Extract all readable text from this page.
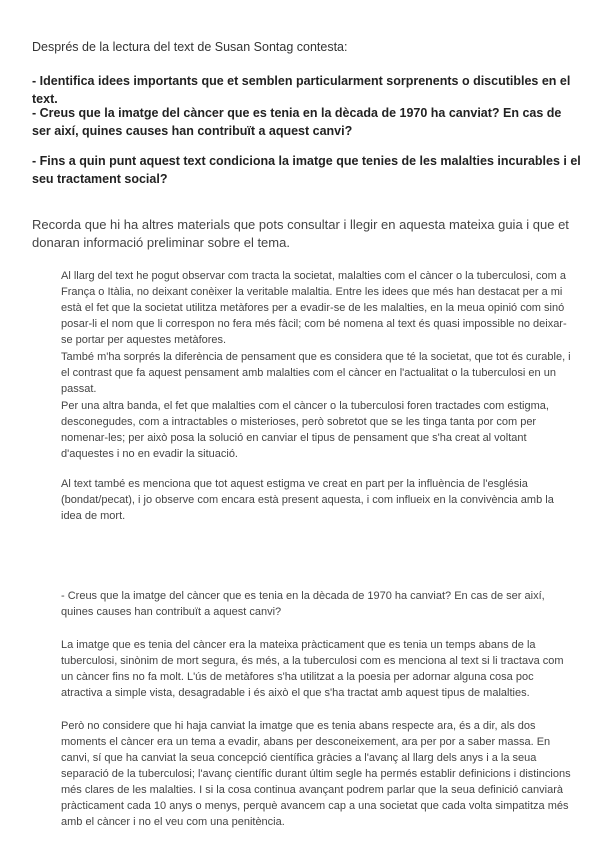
Després de la lectura del text de Susan Sontag contesta:
- Identifica idees importants que et semblen particularment sorprenents o discutibles en el text.
- Creus que la imatge del càncer que es tenia en la dècada de 1970 ha canviat? En cas de ser així, quines causes han contribuït a aquest canvi?
- Fins a quin punt aquest text condiciona la imatge que tenies de les malalties incurables i el seu tractament social?
Recorda que hi ha altres materials que pots consultar i llegir en aquesta mateixa guia i que et donaran informació preliminar sobre el tema.

Al llarg del text he pogut observar com tracta la societat, malalties com el càncer o la tuberculosi, com a França o Itàlia, no deixant conèixer la veritable malaltia. Entre les idees que més han destacat per a mi està el fet que la societat utilitza metàfores per a evadir-se de les malalties, en la meua opinió com sinó posar-li el nom que li correspon no fera més fàcil; com bé nomena al text és quasi impossible no deixar-se portar per aquestes metàfores.

També m'ha sorprés la diferència de pensament que es considera que té la societat, que tot és curable, i el contrast que fa aquest pensament amb malalties com el càncer en l'actualitat o la tuberculosi en un passat.

Per una altra banda, el fet que malalties com el càncer o la tuberculosi foren tractades com estigma, desconegudes, com a intractables o misterioses, però sobretot que se les tinga tanta por com per nomenar-les; per això posa la solució en canviar el tipus de pensament que s'ha creat al voltant d'aquestes i no en evadir la situació.

Al text també es menciona que tot aquest estigma ve creat en part per la influència de l'església (bondat/pecat), i jo observe com encara està present aquesta, i com influeix en la convivència amb la idea de mort.

- Creus que la imatge del càncer que es tenia en la dècada de 1970 ha canviat? En cas de ser així, quines causes han contribuït a aquest canvi?

La imatge que es tenia del càncer era la mateixa pràcticament que es tenia un temps abans de la tuberculosi, sinònim de mort segura, és més, a la tuberculosi com es menciona al text si li tractava com un càncer fins no fa molt. L'ús de metàfores s'ha utilitzat a la poesia per adornar alguna cosa poc atractiva a simple vista, desagradable i és això el que s'ha tractat amb aquest tipus de malalties.

Però no considere que hi haja canviat la imatge que es tenia abans respecte ara, és a dir, als dos moments el càncer era un tema a evadir, abans per desconeixement, ara per por a saber massa. En canvi, sí que ha canviat la seua concepció científica gràcies a l'avanç al llarg dels anys i a la seua separació de la tuberculosi; l'avanç científic durant últim segle ha permés establir definicions i distincions més clares de les malalties. I si la cosa continua avançant podrem parlar que la seua definició canviarà pràcticament cada 10 anys o menys, perquè avancem cap a una societat que cada volta simpatitza més amb el càncer i no el veu com una penitència.
